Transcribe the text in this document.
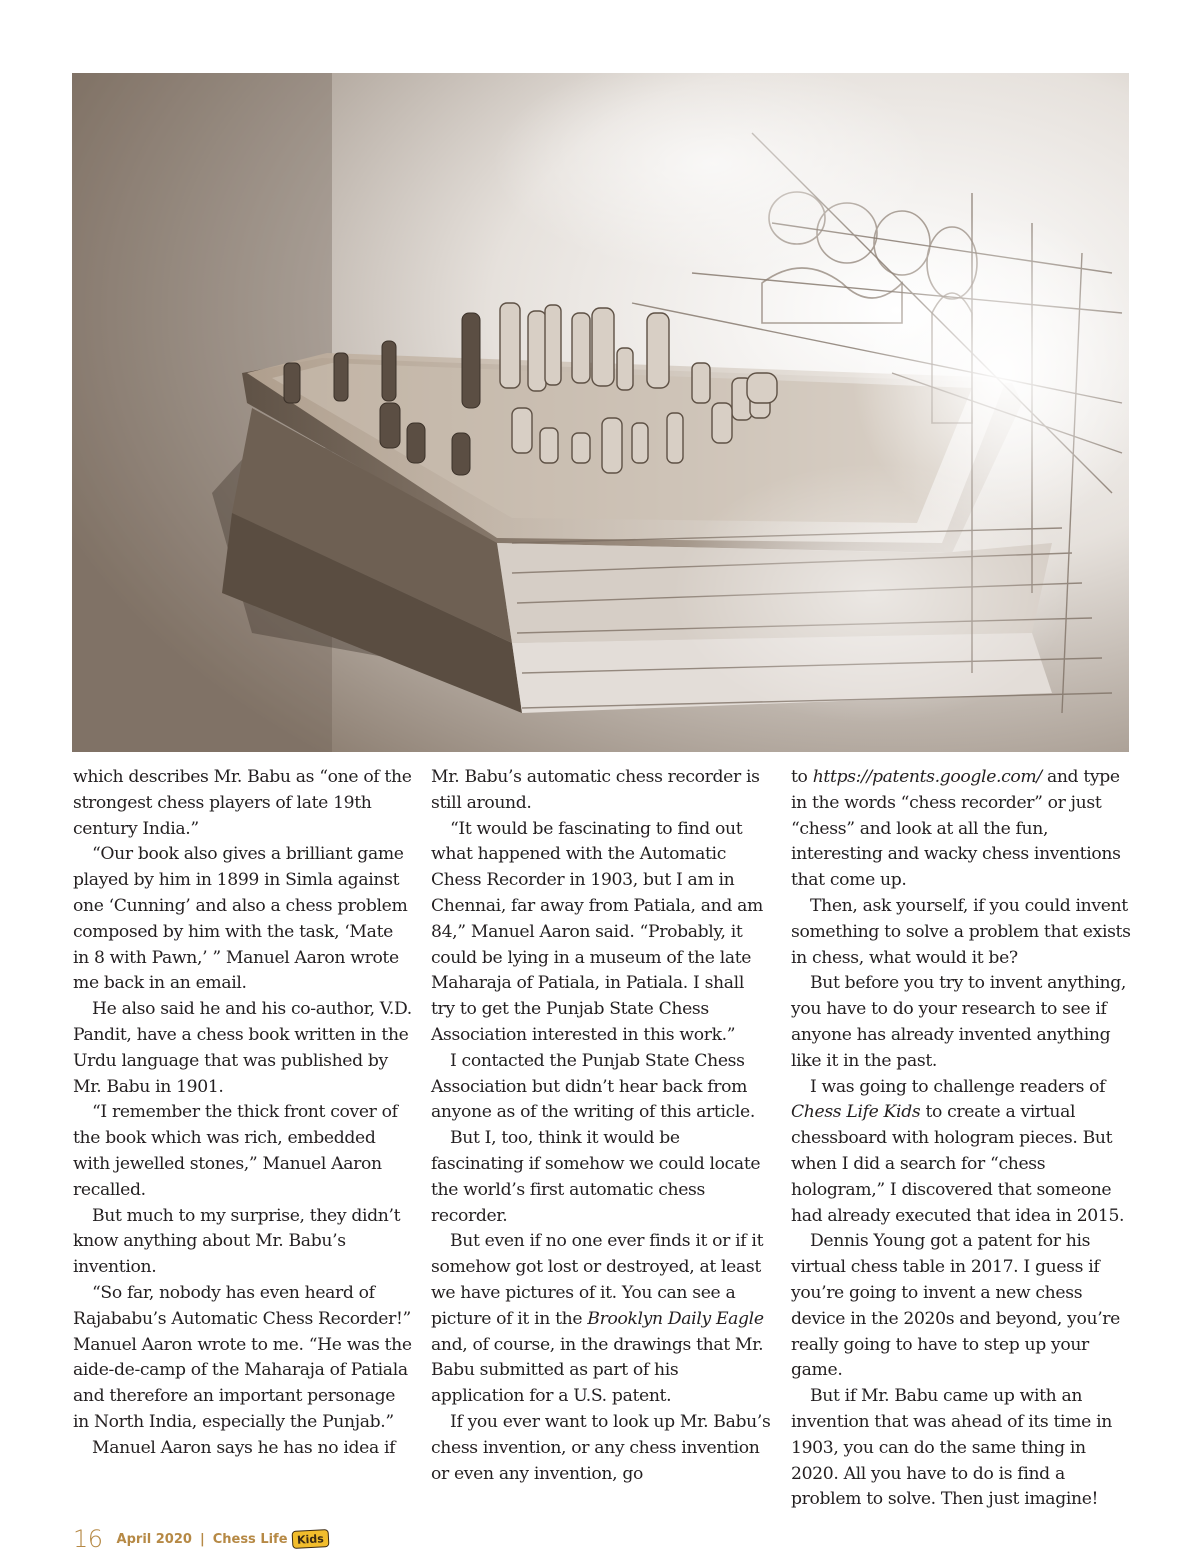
which describes Mr. Babu as “one of the strongest chess players of late 19th century India.”

“Our book also gives a brilliant game played by him in 1899 in Simla against one ‘Cunning’ and also a chess problem composed by him with the task, ‘Mate in 8 with Pawn,’ ” Manuel Aaron wrote me back in an email.

He also said he and his co-author, V.D. Pandit, have a chess book written in the Urdu language that was published by Mr. Babu in 1901.

“I remember the thick front cover of the book which was rich, embedded with jewelled stones,” Manuel Aaron recalled.

But much to my surprise, they didn’t know anything about Mr. Babu’s invention.

“So far, nobody has even heard of Rajababu’s Automatic Chess Recorder!” Manuel Aaron wrote to me. “He was the aide-de-camp of the Maharaja of Patiala and therefore an important personage in North India, especially the Punjab.”

Manuel Aaron says he has no idea if

Mr. Babu’s automatic chess recorder is still around.

“It would be fascinating to find out what happened with the Automatic Chess Recorder in 1903, but I am in Chennai, far away from Patiala, and am 84,” Manuel Aaron said. “Probably, it could be lying in a museum of the late Maharaja of Patiala, in Patiala. I shall try to get the Punjab State Chess Association interested in this work.”

I contacted the Punjab State Chess Association but didn’t hear back from anyone as of the writing of this article.

But I, too, think it would be fascinating if somehow we could locate the world’s first automatic chess recorder.

But even if no one ever finds it or if it somehow got lost or destroyed, at least we have pictures of it. You can see a picture of it in the Brooklyn Daily Eagle and, of course, in the drawings that Mr. Babu submitted as part of his application for a U.S. patent.

If you ever want to look up Mr. Babu’s chess invention, or any chess invention or even any invention, go

to https://patents.google.com/ and type in the words “chess recorder” or just “chess” and look at all the fun, interesting and wacky chess inventions that come up.

Then, ask yourself, if you could invent something to solve a problem that exists in chess, what would it be?

But before you try to invent anything, you have to do your research to see if anyone has already invented anything like it in the past.

I was going to challenge readers of Chess Life Kids to create a virtual chessboard with hologram pieces. But when I did a search for “chess hologram,” I discovered that someone had already executed that idea in 2015.

Dennis Young got a patent for his virtual chess table in 2017. I guess if you’re going to invent a new chess device in the 2020s and beyond, you’re really going to have to step up your game.

But if Mr. Babu came up with an invention that was ahead of its time in 1903, you can do the same thing in 2020. All you have to do is find a problem to solve. Then just imagine!

16 April 2020 | Chess Life Kids
